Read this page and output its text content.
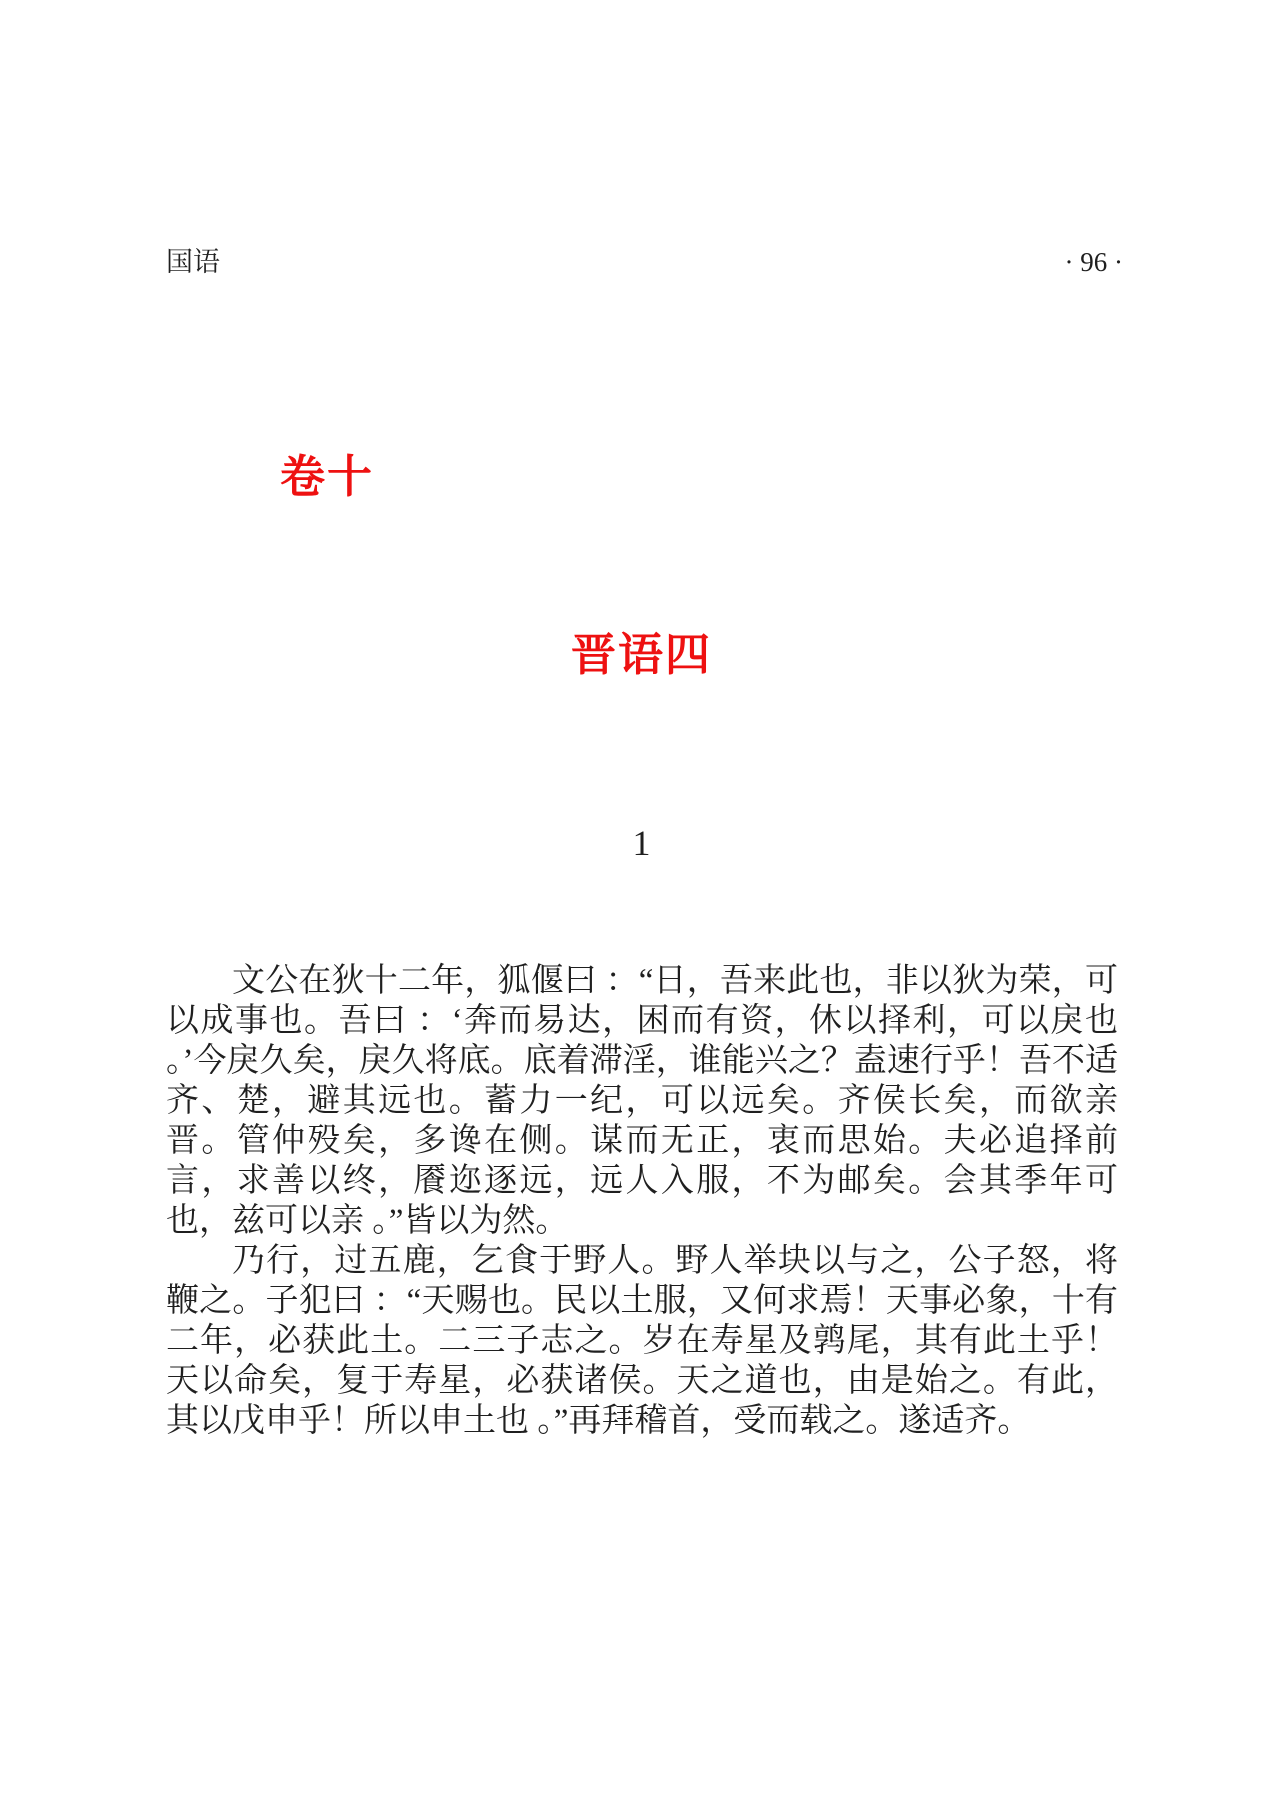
国语	· 96 ·
卷十
晋语四
1

文公在狄十二年，狐偃曰 ：“日，吾来此也，非以狄为荣，可以成事也。吾曰 ：‘奔而易达，困而有资，休以择利，可以戾也 。’今戾久矣，戾久将底。底着滞淫，谁能兴之？盍速行乎！吾不适齐、楚，避其远也。蓄力一纪，可以远矣。齐侯长矣，而欲亲晋。管仲殁矣，多谗在侧。谋而无正，衷而思始。夫必追择前言，求善以终，餍迩逐远，远人入服，不为邮矣。会其季年可也，兹可以亲 。”皆以为然。

乃行，过五鹿，乞食于野人。野人举块以与之，公子怒，将鞭之。子犯曰 ：“天赐也。民以土服，又何求焉！天事必象，十有二年，必获此土。二三子志之。岁在寿星及鹑尾，其有此土乎！天以命矣，复于寿星，必获诸侯。天之道也，由是始之。有此，其以戊申乎！所以申土也 。”再拜稽首，受而载之。遂适齐。
